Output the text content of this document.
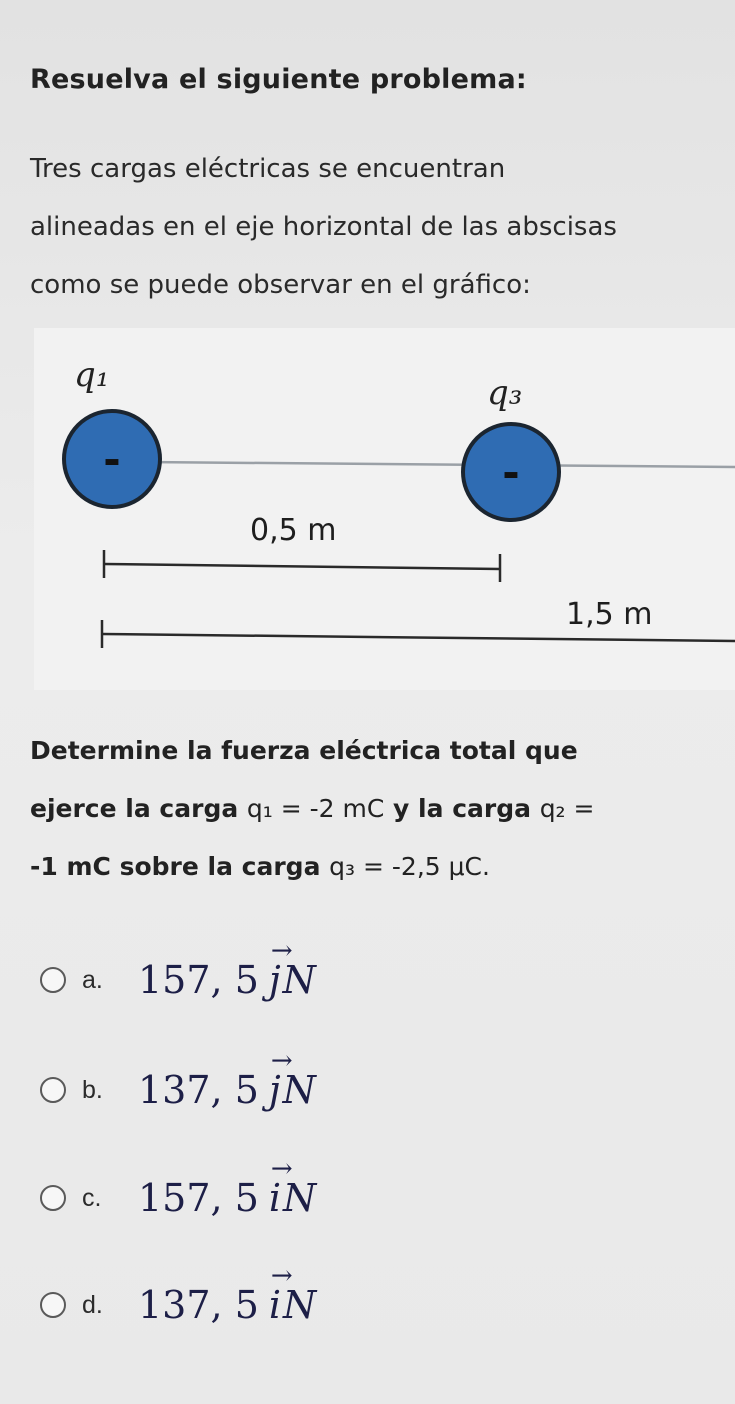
Resuelva el siguiente problema:
Tres cargas eléctricas se encuentran
alineadas en el eje horizontal de las abscisas
como se puede observar en el gráfico:
-	-
q₁	q₃
0,5 m
1,5 m
Determine la fuerza eléctrica total que
ejerce la carga q₁ = -2 mC y la carga q₂ =
-1 mC sobre la carga q₃ = -2,5 μC.
a. 157, 5
→
j N
b. 137, 5
→
j N
c. 157, 5
→
i N
d. 137, 5
→
i N
